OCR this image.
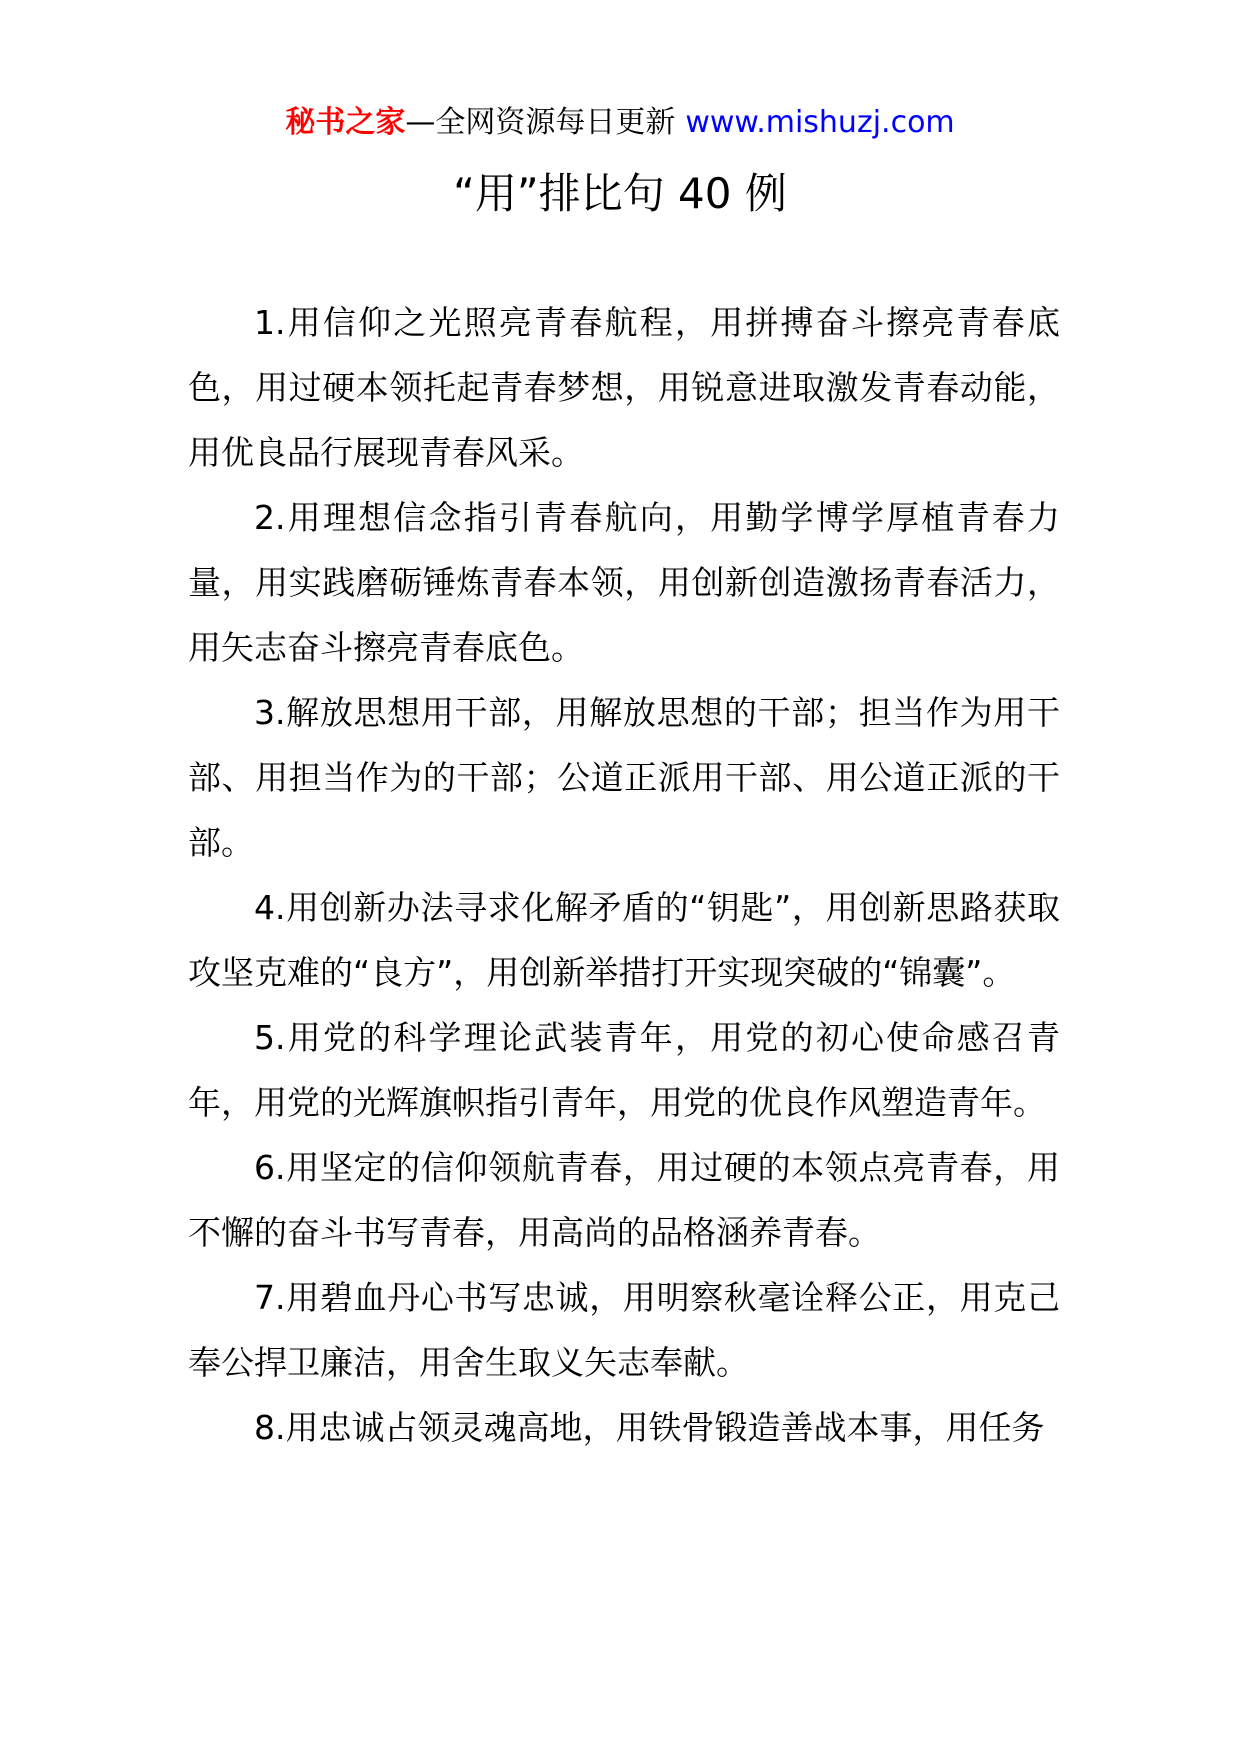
秘书之家—全网资源每日更新 www.mishuzj.com
“用”排比句 40 例

1.用信仰之光照亮青春航程，用拼搏奋斗擦亮青春底色，用过硬本领托起青春梦想，用锐意进取激发青春动能，用优良品行展现青春风采。

2.用理想信念指引青春航向，用勤学博学厚植青春力量，用实践磨砺锤炼青春本领，用创新创造激扬青春活力，用矢志奋斗擦亮青春底色。

3.解放思想用干部，用解放思想的干部；担当作为用干部、用担当作为的干部；公道正派用干部、用公道正派的干部。

4.用创新办法寻求化解矛盾的“钥匙”，用创新思路获取攻坚克难的“良方”，用创新举措打开实现突破的“锦囊”。

5.用党的科学理论武装青年，用党的初心使命感召青年，用党的光辉旗帜指引青年，用党的优良作风塑造青年。

6.用坚定的信仰领航青春，用过硬的本领点亮青春，用不懈的奋斗书写青春，用高尚的品格涵养青春。

7.用碧血丹心书写忠诚，用明察秋毫诠释公正，用克己奉公捍卫廉洁，用舍生取义矢志奉献。

8.用忠诚占领灵魂高地，用铁骨锻造善战本事，用任务
